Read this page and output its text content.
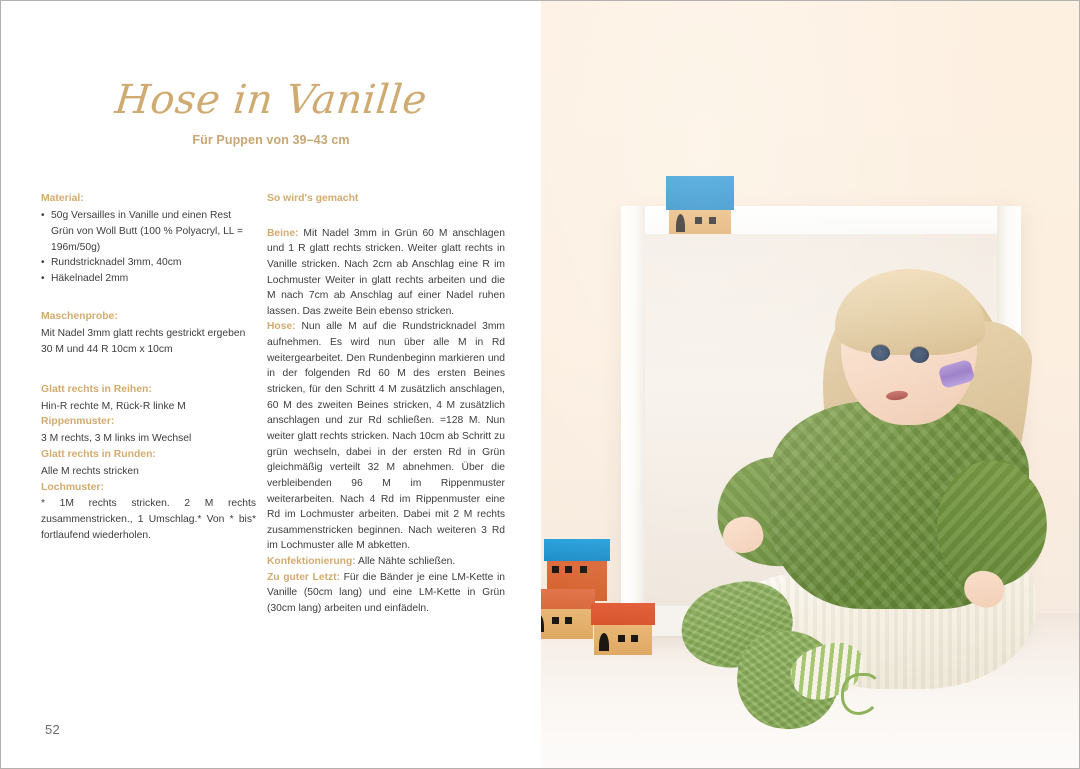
Hose in Vanille
Für Puppen von 39–43 cm
Material:
• 50g Versailles in Vanille und einen Rest Grün von Woll Butt (100 % Polyacryl, LL = 196m/50g)
• Rundstricknadel 3mm, 40cm
• Häkelnadel 2mm
Maschenprobe:
Mit Nadel 3mm glatt rechts gestrickt ergeben 30 M und 44 R 10cm x 10cm
Glatt rechts in Reihen:
Hin-R rechte M, Rück-R linke M
Rippenmuster:
3 M rechts, 3 M links im Wechsel
Glatt rechts in Runden:
Alle M rechts stricken
Lochmuster:
* 1M rechts stricken. 2 M rechts zusammenstricken., 1 Umschlag.* Von * bis* fortlaufend wiederholen.
So wird's gemacht

Beine: Mit Nadel 3mm in Grün 60 M anschlagen und 1 R glatt rechts stricken. Weiter glatt rechts in Vanille stricken. Nach 2cm ab Anschlag eine R im Lochmuster Weiter in glatt rechts arbeiten und die M nach 7cm ab Anschlag auf einer Nadel ruhen lassen. Das zweite Bein ebenso stricken.

Hose: Nun alle M auf die Rundstricknadel 3mm aufnehmen. Es wird nun über alle M in Rd weitergearbeitet. Den Rundenbeginn markieren und in der folgenden Rd 60 M des ersten Beines stricken, für den Schritt 4 M zusätzlich anschlagen, 60 M des zweiten Beines stricken, 4 M zusätzlich anschlagen und zur Rd schließen. =128 M. Nun weiter glatt rechts stricken. Nach 10cm ab Schritt zu grün wechseln, dabei in der ersten Rd in Grün gleichmäßig verteilt 32 M abnehmen. Über die verbleibenden 96 M im Rippenmuster weiterarbeiten. Nach 4 Rd im Rippenmuster eine Rd im Lochmuster arbeiten. Dabei mit 2 M rechts zusammenstricken beginnen. Nach weiteren 3 Rd im Lochmuster alle M abketten.

Konfektionierung: Alle Nähte schließen.

Zu guter Letzt: Für die Bänder je eine LM-Kette in Vanille (50cm lang) und eine LM-Kette in Grün (30cm lang) arbeiten und einfädeln.

52
